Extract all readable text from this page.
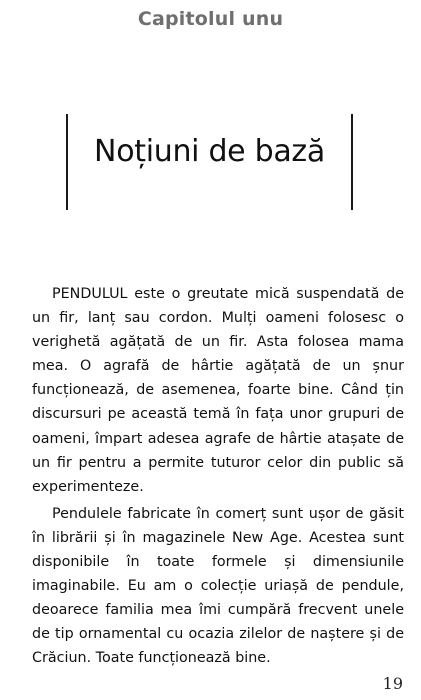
Capitolul unu
Noțiuni de bază

PENDULUL este o greutate mică suspendată de un fir, lanț sau cordon. Mulți oameni folosesc o verighetă agățată de un fir. Asta folosea mama mea. O agrafă de hârtie agățată de un șnur funcționează, de asemenea, foarte bine. Când țin discursuri pe această temă în fața unor grupuri de oameni, împart adesea agrafe de hârtie atașate de un fir pentru a permite tuturor celor din public să experimenteze.

Pendulele fabricate în comerț sunt ușor de găsit în librării și în magazinele New Age. Acestea sunt disponibile în toate formele și dimensiunile imaginabile. Eu am o colecție uriașă de pendule, deoarece familia mea îmi cumpără frecvent unele de tip ornamental cu ocazia zilelor de naștere și de Crăciun. Toate funcționează bine.

19
